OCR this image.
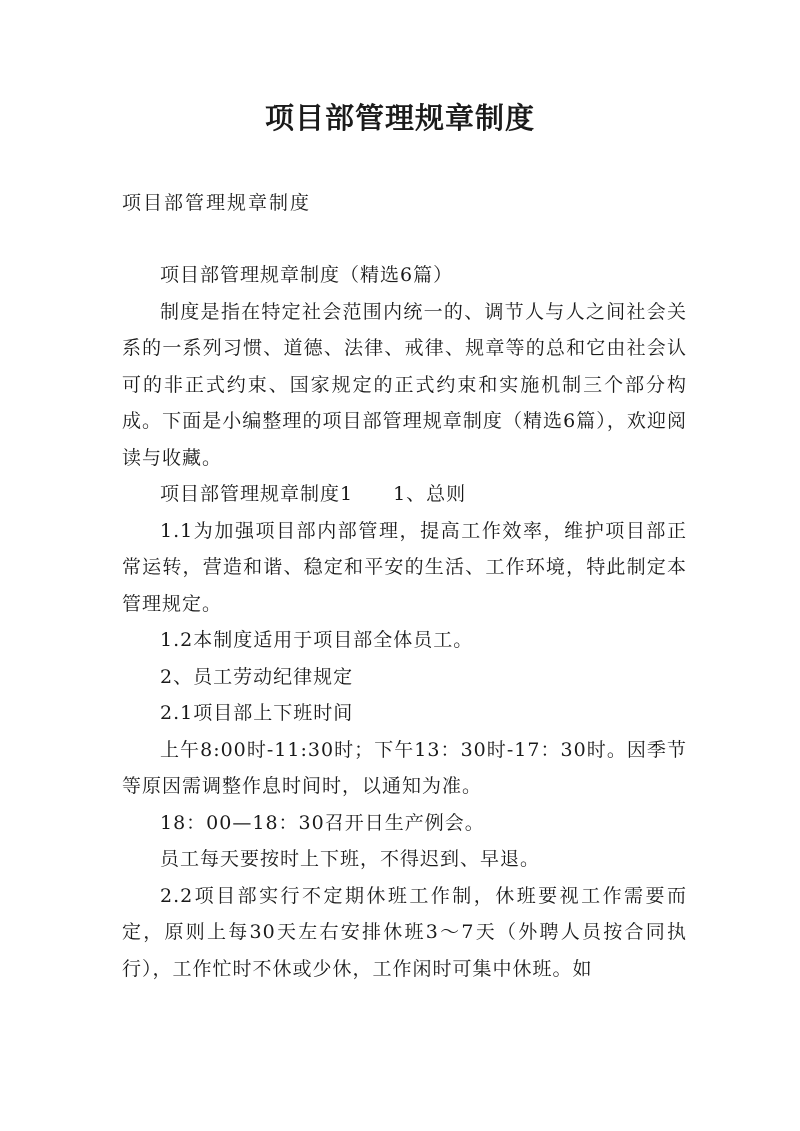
项目部管理规章制度

项目部管理规章制度

项目部管理规章制度（精选6篇）

制度是指在特定社会范围内统一的、调节人与人之间社会关系的一系列习惯、道德、法律、戒律、规章等的总和它由社会认可的非正式约束、国家规定的正式约束和实施机制三个部分构成。下面是小编整理的项目部管理规章制度（精选6篇），欢迎阅读与收藏。

项目部管理规章制度1　　1、总则

1.1为加强项目部内部管理，提高工作效率，维护项目部正常运转，营造和谐、稳定和平安的生活、工作环境，特此制定本管理规定。

1.2本制度适用于项目部全体员工。

2、员工劳动纪律规定

2.1项目部上下班时间

上午8:00时-11:30时；下午13：30时-17：30时。因季节等原因需调整作息时间时，以通知为准。

18：00—18：30召开日生产例会。

员工每天要按时上下班，不得迟到、早退。

2.2项目部实行不定期休班工作制，休班要视工作需要而定，原则上每30天左右安排休班3～7天（外聘人员按合同执行），工作忙时不休或少休，工作闲时可集中休班。如
